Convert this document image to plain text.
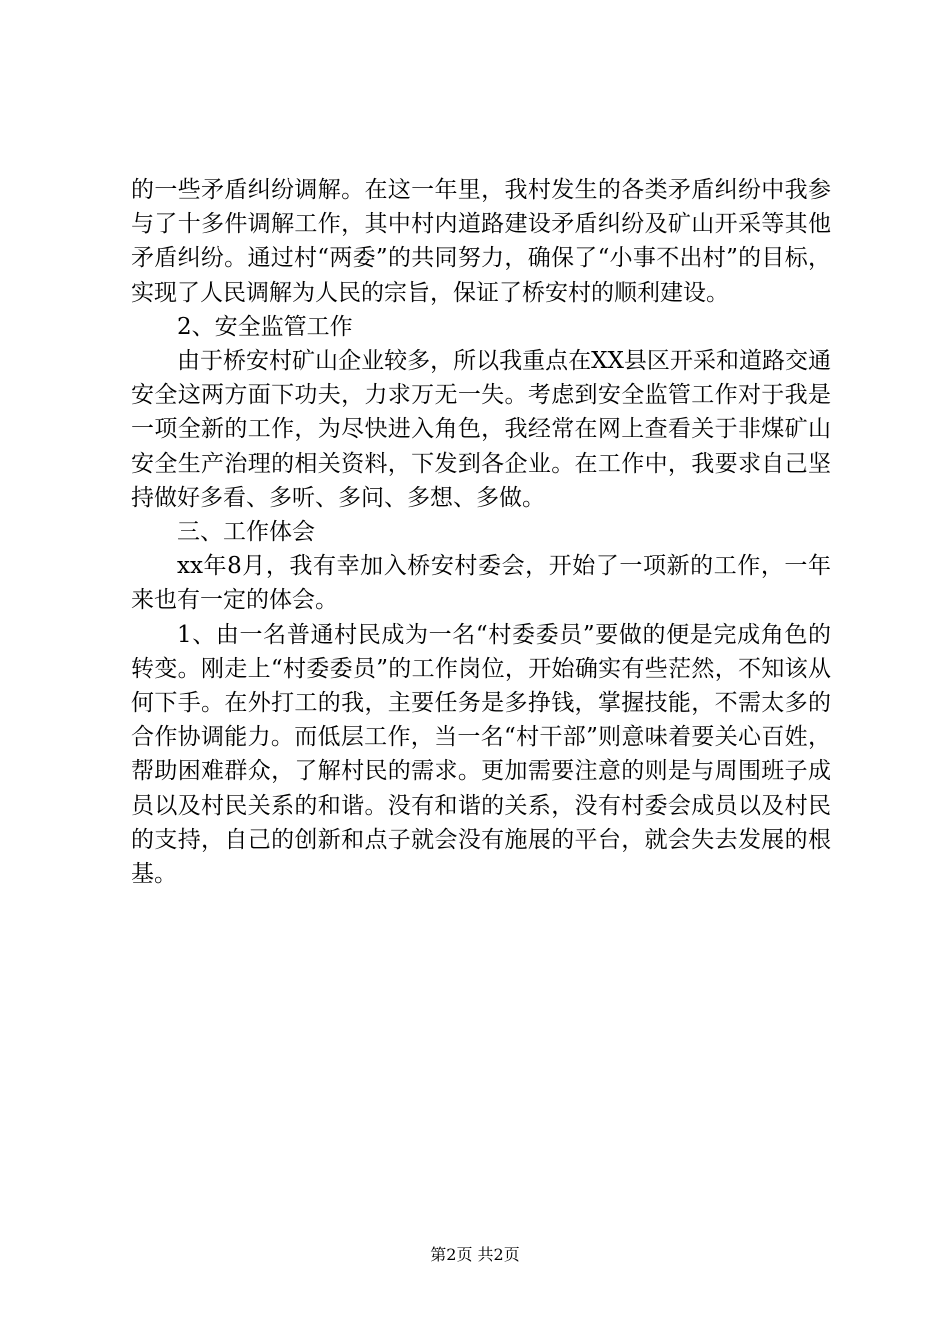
的一些矛盾纠纷调解。在这一年里，我村发生的各类矛盾纠纷中我参与了十多件调解工作，其中村内道路建设矛盾纠纷及矿山开采等其他矛盾纠纷。通过村“两委”的共同努力，确保了“小事不出村”的目标，实现了人民调解为人民的宗旨，保证了桥安村的顺利建设。

2、安全监管工作

由于桥安村矿山企业较多，所以我重点在XX县区开采和道路交通安全这两方面下功夫，力求万无一失。考虑到安全监管工作对于我是一项全新的工作，为尽快进入角色，我经常在网上查看关于非煤矿山安全生产治理的相关资料，下发到各企业。在工作中，我要求自己坚持做好多看、多听、多问、多想、多做。

三、工作体会

xx年8月，我有幸加入桥安村委会，开始了一项新的工作，一年来也有一定的体会。

1、由一名普通村民成为一名“村委委员”要做的便是完成角色的转变。刚走上“村委委员”的工作岗位，开始确实有些茫然，不知该从何下手。在外打工的我，主要任务是多挣钱，掌握技能，不需太多的合作协调能力。而低层工作，当一名“村干部”则意味着要关心百姓，帮助困难群众，了解村民的需求。更加需要注意的则是与周围班子成员以及村民关系的和谐。没有和谐的关系，没有村委会成员以及村民的支持，自己的创新和点子就会没有施展的平台，就会失去发展的根基。

第2页 共2页
